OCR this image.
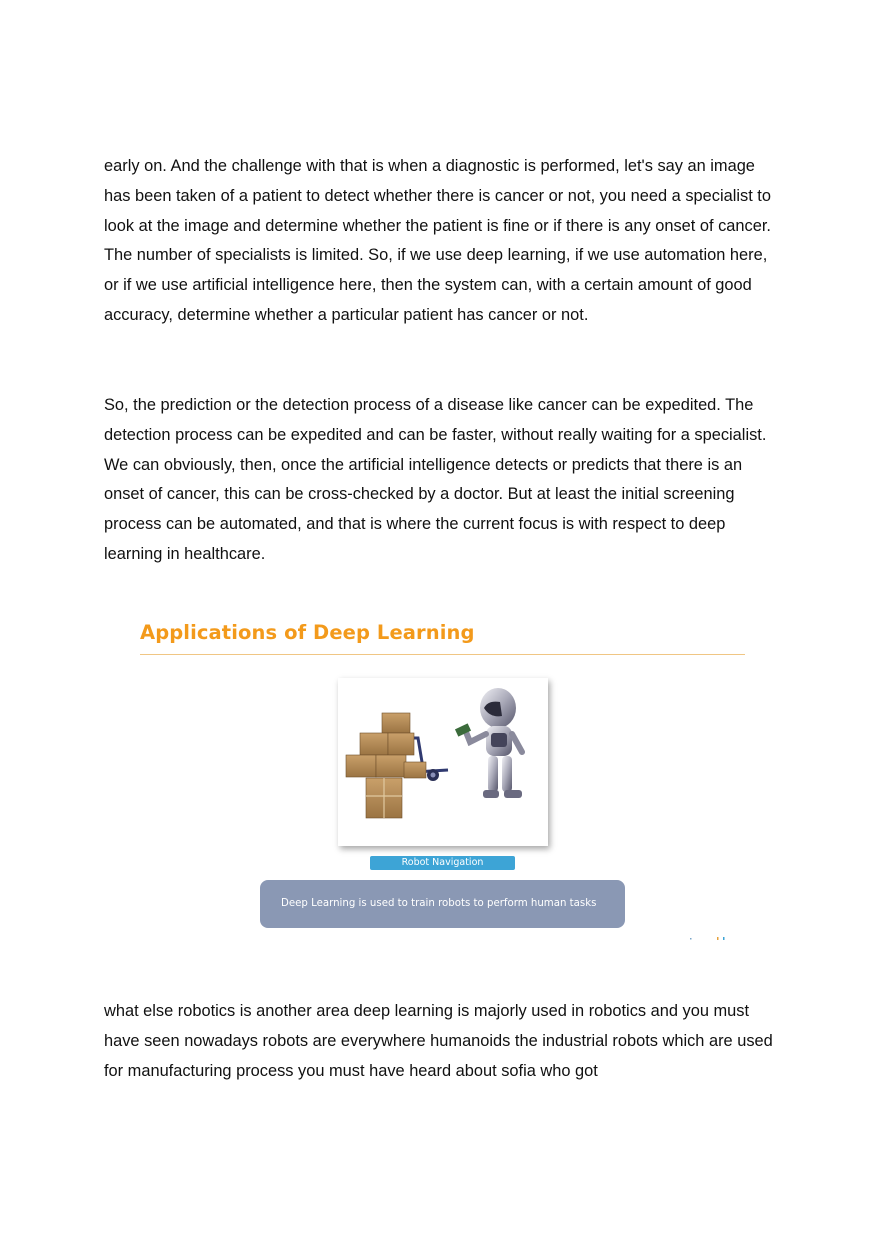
early on. And the challenge with that is when a diagnostic is performed, let's say an image has been taken of a patient to detect whether there is cancer or not, you need a specialist to look at the image and determine whether the patient is fine or if there is any onset of cancer. The number of specialists is limited. So, if we use deep learning, if we use automation here, or if we use artificial intelligence here, then the system can, with a certain amount of good accuracy, determine whether a particular patient has cancer or not.

So, the prediction or the detection process of a disease like cancer can be expedited. The detection process can be expedited and can be faster, without really waiting for a specialist. We can obviously, then, once the artificial intelligence detects or predicts that there is an onset of cancer, this can be cross-checked by a doctor. But at least the initial screening process can be automated, and that is where the current focus is with respect to deep learning in healthcare.

Applications of Deep Learning
Robot Navigation
Deep Learning is used to train robots to perform human tasks

what else robotics is another area deep learning is majorly used in robotics and you must have seen nowadays robots are everywhere humanoids the industrial robots which are used for manufacturing process you must have heard about sofia who got
